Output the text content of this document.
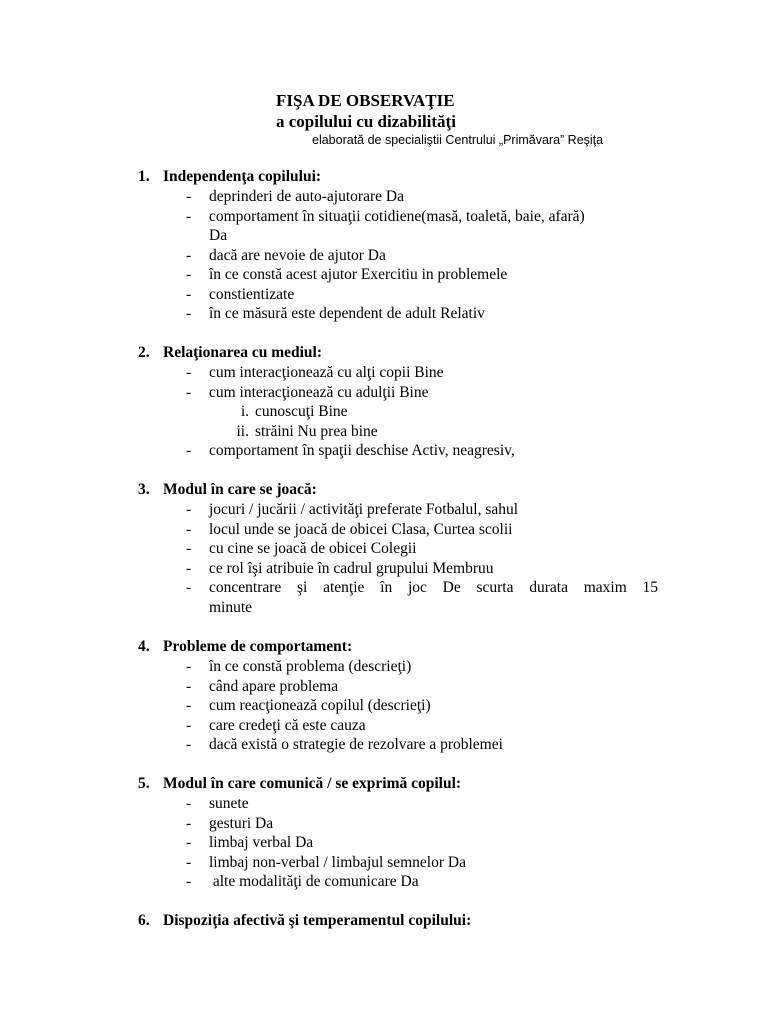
FIŞA DE OBSERVAŢIE
a copilului cu dizabilităţi
elaborată de specialiştii Centrului „Primăvara” Reşiţa
1. Independenţa copilului:
- deprinderi de auto-ajutorare Da
- comportament în situaţii cotidiene(masă, toaletă, baie, afară)
Da
- dacă are nevoie de ajutor Da
- în ce constă acest ajutor Exercitiu in problemele
- constientizate
- în ce măsură este dependent de adult Relativ
2. Relaţionarea cu mediul:
- cum interacţionează cu alţi copii Bine
- cum interacţionează cu adulţii Bine
i. cunoscuţi Bine
ii. străini Nu prea bine
- comportament în spaţii deschise Activ, neagresiv,
3. Modul în care se joacă:
- jocuri / jucării / activităţi preferate Fotbalul, sahul
- locul unde se joacă de obicei Clasa, Curtea scolii
- cu cine se joacă de obicei Colegii
- ce rol îşi atribuie în cadrul grupului Membruu
- concentrare şi atenţie în joc De scurta durata maxim 15
minute
4. Probleme de comportament:
- în ce constă problema (descrieţi)
- când apare problema
- cum reacţionează copilul (descrieţi)
- care credeţi că este cauza
- dacă există o strategie de rezolvare a problemei
5. Modul în care comunică / se exprimă copilul:
- sunete
- gesturi Da
- limbaj verbal Da
- limbaj non-verbal / limbajul semnelor Da
- alte modalităţi de comunicare Da
6. Dispoziţia afectivă şi temperamentul copilului:
